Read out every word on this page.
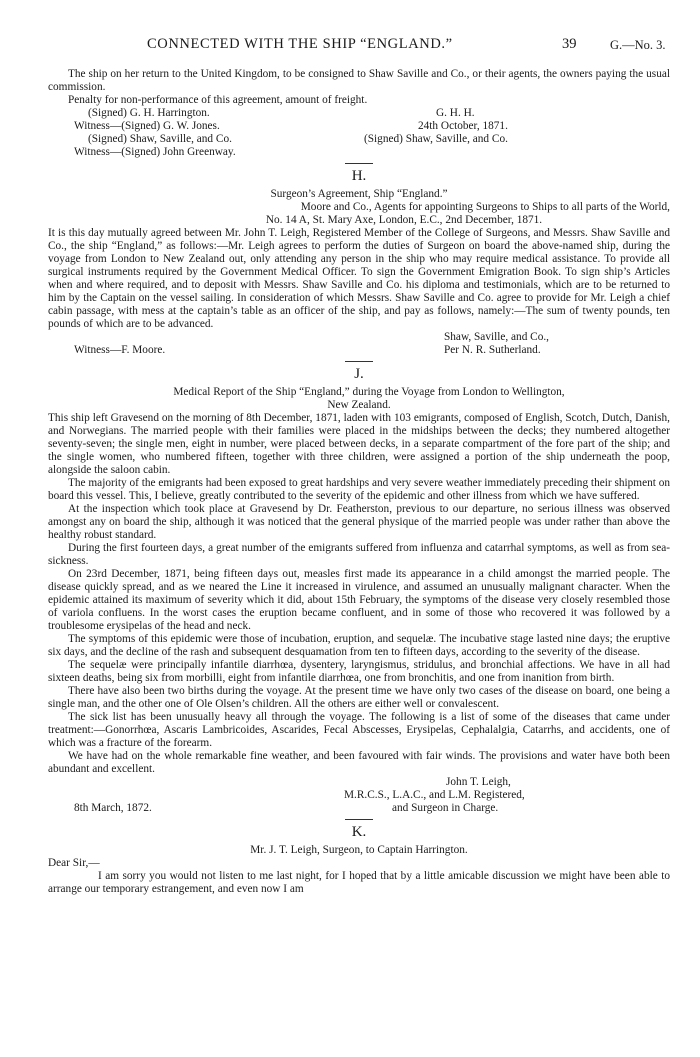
CONNECTED WITH THE SHIP “ENGLAND.”	39	G.—No. 3.

The ship on her return to the United Kingdom, to be consigned to Shaw Saville and Co., or their agents, the owners paying the usual commission.

Penalty for non-performance of this agreement, amount of freight.

(Signed) G. H. Harrington.	G. H. H.
Witness—(Signed) G. W. Jones.	24th October, 1871.
(Signed) Shaw, Saville, and Co.	(Signed) Shaw, Saville, and Co.
Witness—(Signed) John Greenway.
H.

Surgeon’s Agreement, Ship “England.”

Moore and Co., Agents for appointing Surgeons to Ships to all parts of the World,

No. 14 A, St. Mary Axe, London, E.C., 2nd December, 1871.

It is this day mutually agreed between Mr. John T. Leigh, Registered Member of the College of Surgeons, and Messrs. Shaw Saville and Co., the ship “England,” as follows:—Mr. Leigh agrees to perform the duties of Surgeon on board the above-named ship, during the voyage from London to New Zealand out, only attending any person in the ship who may require medical assistance. To provide all surgical instruments required by the Government Medical Officer. To sign the Government Emigration Book. To sign ship’s Articles when and where required, and to deposit with Messrs. Shaw Saville and Co. his diploma and testimonials, which are to be returned to him by the Captain on the vessel sailing. In consideration of which Messrs. Shaw Saville and Co. agree to provide for Mr. Leigh a chief cabin passage, with mess at the captain’s table as an officer of the ship, and pay as follows, namely:—The sum of twenty pounds, ten pounds of which are to be advanced.

Shaw, Saville, and Co.,
Witness—F. Moore.	Per N. R. Sutherland.
J.

Medical Report of the Ship “England,” during the Voyage from London to Wellington,

New Zealand.

This ship left Gravesend on the morning of 8th December, 1871, laden with 103 emigrants, composed of English, Scotch, Dutch, Danish, and Norwegians. The married people with their families were placed in the midships between the decks; they numbered altogether seventy-seven; the single men, eight in number, were placed between decks, in a separate compartment of the fore part of the ship; and the single women, who numbered fifteen, together with three children, were assigned a portion of the ship underneath the poop, alongside the saloon cabin.

The majority of the emigrants had been exposed to great hardships and very severe weather immediately preceding their shipment on board this vessel. This, I believe, greatly contributed to the severity of the epidemic and other illness from which we have suffered.

At the inspection which took place at Gravesend by Dr. Featherston, previous to our departure, no serious illness was observed amongst any on board the ship, although it was noticed that the general physique of the married people was under rather than above the healthy robust standard.

During the first fourteen days, a great number of the emigrants suffered from influenza and catarrhal symptoms, as well as from sea-sickness.

On 23rd December, 1871, being fifteen days out, measles first made its appearance in a child amongst the married people. The disease quickly spread, and as we neared the Line it increased in virulence, and assumed an unusually malignant character. When the epidemic attained its maximum of severity which it did, about 15th February, the symptoms of the disease very closely resembled those of variola confluens. In the worst cases the eruption became confluent, and in some of those who recovered it was followed by a troublesome erysipelas of the head and neck.

The symptoms of this epidemic were those of incubation, eruption, and sequelæ. The incubative stage lasted nine days; the eruptive six days, and the decline of the rash and subsequent desquamation from ten to fifteen days, according to the severity of the disease.

The sequelæ were principally infantile diarrhœa, dysentery, laryngismus, stridulus, and bronchial affections. We have in all had sixteen deaths, being six from morbilli, eight from infantile diarrhœa, one from bronchitis, and one from inanition from birth.

There have also been two births during the voyage. At the present time we have only two cases of the disease on board, one being a single man, and the other one of Ole Olsen’s children. All the others are either well or convalescent.

The sick list has been unusually heavy all through the voyage. The following is a list of some of the diseases that came under treatment:—Gonorrhœa, Ascaris Lambricoides, Ascarides, Fecal Abscesses, Erysipelas, Cephalalgia, Catarrhs, and accidents, one of which was a fracture of the forearm.

We have had on the whole remarkable fine weather, and been favoured with fair winds. The provisions and water have both been abundant and excellent.

John T. Leigh,
M.R.C.S., L.A.C., and L.M. Registered,
8th March, 1872.	and Surgeon in Charge.
K.

Mr. J. T. Leigh, Surgeon, to Captain Harrington.

Dear Sir,—

I am sorry you would not listen to me last night, for I hoped that by a little amicable discussion we might have been able to arrange our temporary estrangement, and even now I am
